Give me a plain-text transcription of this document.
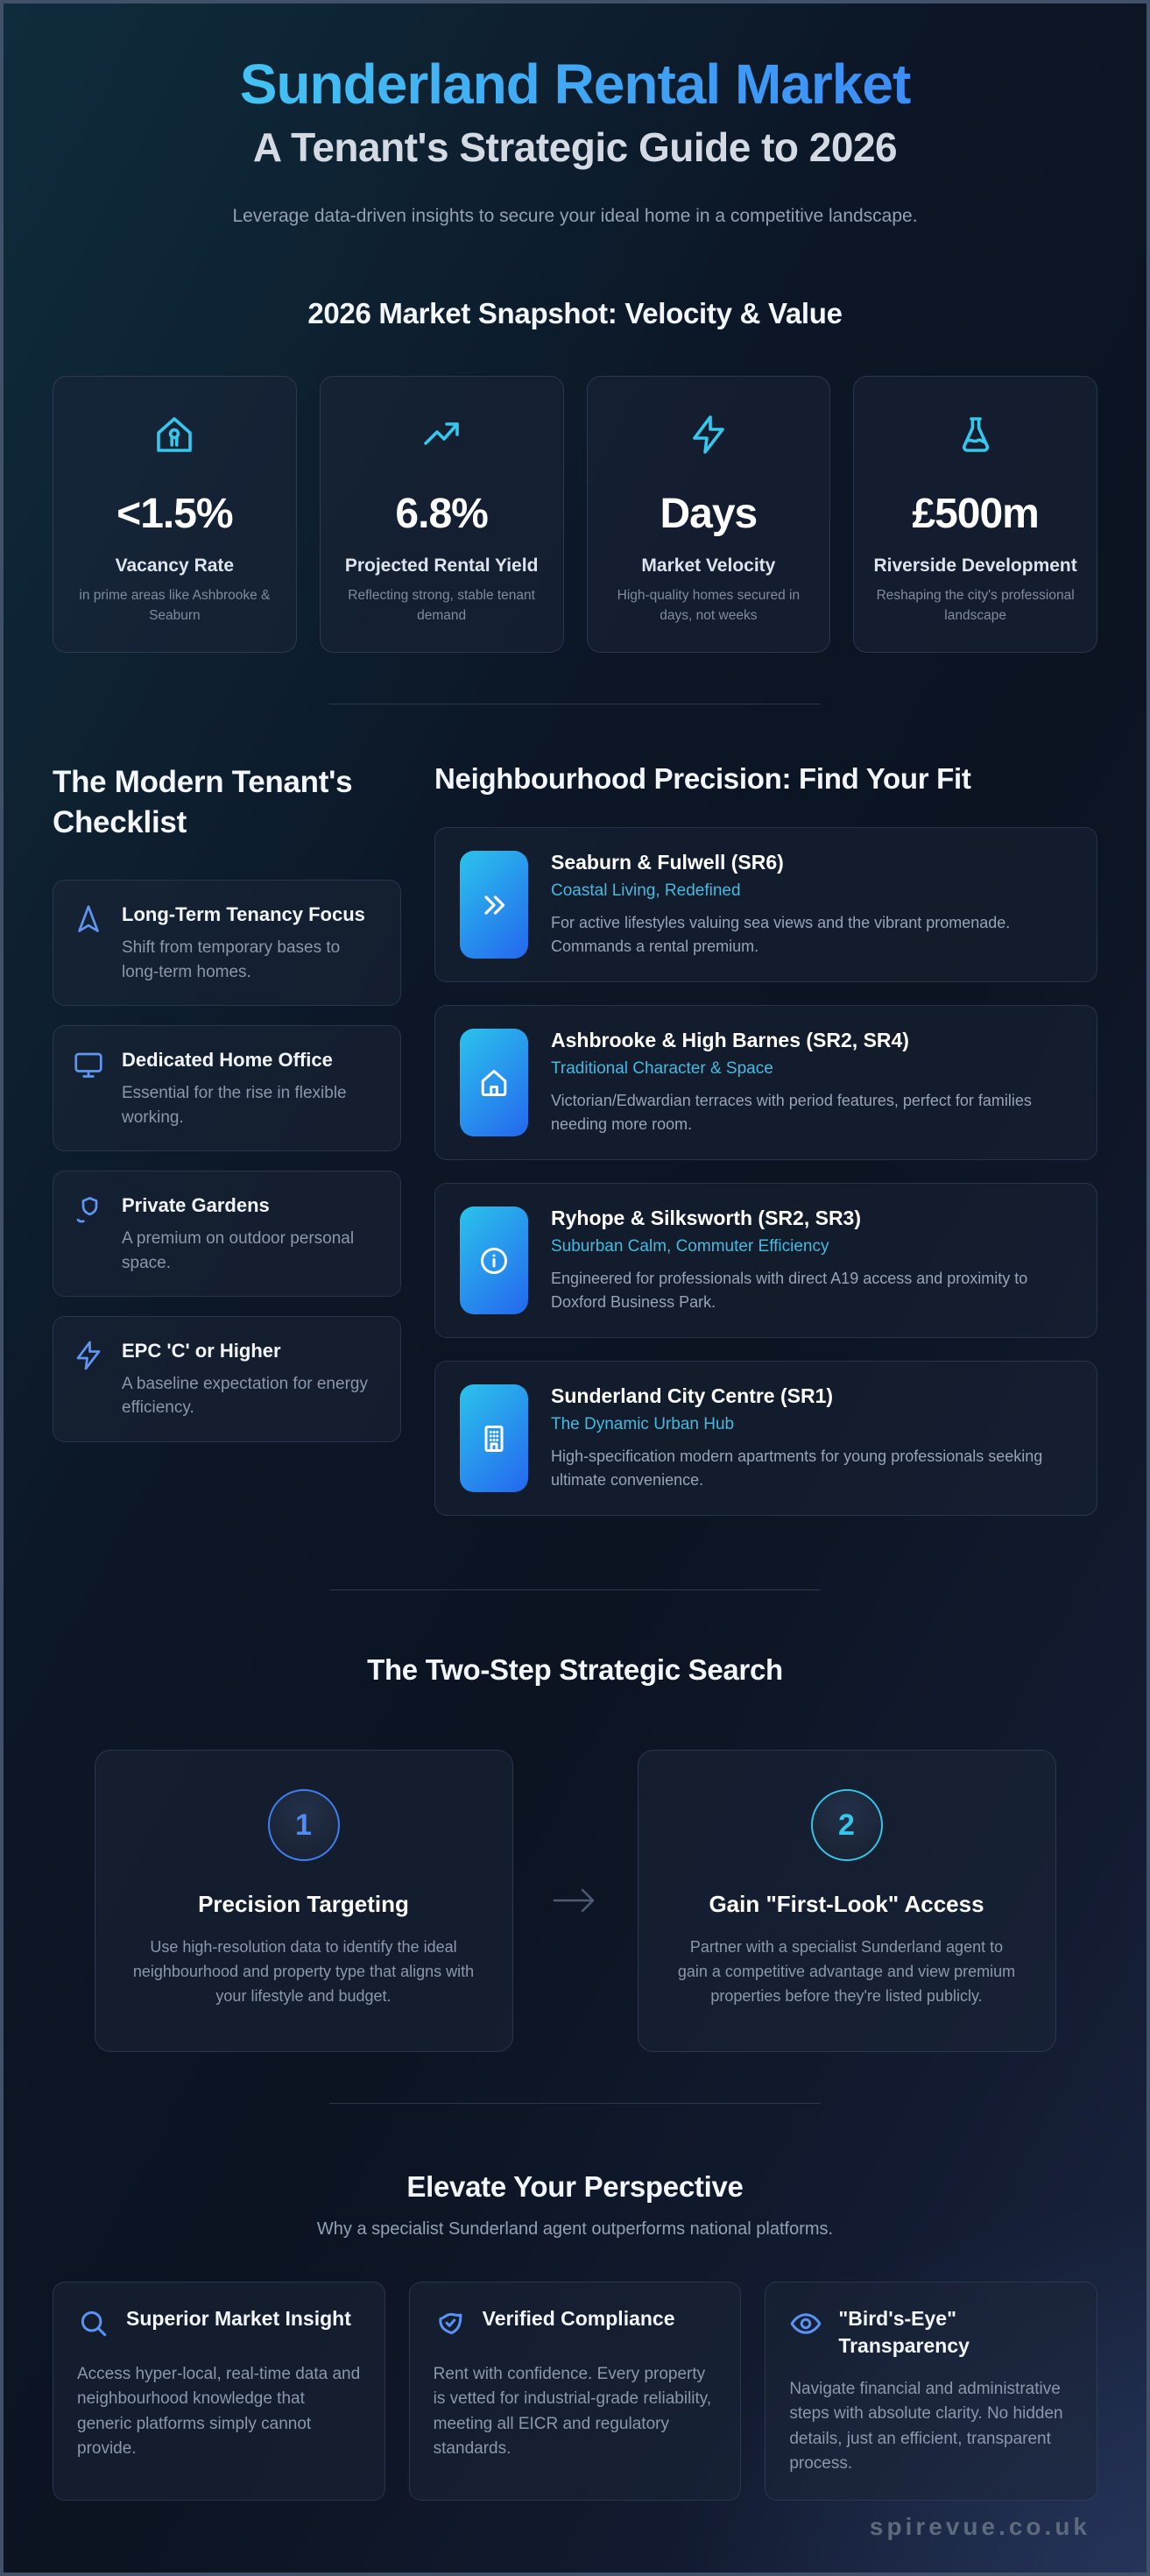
Sunderland Rental Market
A Tenant's Strategic Guide to 2026
Leverage data-driven insights to secure your ideal home in a competitive landscape.
2026 Market Snapshot: Velocity & Value
<1.5%
Vacancy Rate
in prime areas like Ashbrooke & Seaburn
6.8%
Projected Rental Yield
Reflecting strong, stable tenant demand
Days
Market Velocity
High-quality homes secured in days, not weeks
£500m
Riverside Development
Reshaping the city's professional landscape
The Modern Tenant's Checklist
Long-Term Tenancy Focus
Shift from temporary bases to long-term homes.
Dedicated Home Office
Essential for the rise in flexible working.
Private Gardens
A premium on outdoor personal space.
EPC 'C' or Higher
A baseline expectation for energy efficiency.
Neighbourhood Precision: Find Your Fit
Seaburn & Fulwell (SR6)
Coastal Living, Redefined
For active lifestyles valuing sea views and the vibrant promenade. Commands a rental premium.
Ashbrooke & High Barnes (SR2, SR4)
Traditional Character & Space
Victorian/Edwardian terraces with period features, perfect for families needing more room.
Ryhope & Silksworth (SR2, SR3)
Suburban Calm, Commuter Efficiency
Engineered for professionals with direct A19 access and proximity to Doxford Business Park.
Sunderland City Centre (SR1)
The Dynamic Urban Hub
High-specification modern apartments for young professionals seeking ultimate convenience.
The Two-Step Strategic Search
1
Precision Targeting
Use high-resolution data to identify the ideal neighbourhood and property type that aligns with your lifestyle and budget.
2
Gain "First-Look" Access
Partner with a specialist Sunderland agent to gain a competitive advantage and view premium properties before they're listed publicly.
Elevate Your Perspective
Why a specialist Sunderland agent outperforms national platforms.
Superior Market Insight
Access hyper-local, real-time data and neighbourhood knowledge that generic platforms simply cannot provide.
Verified Compliance
Rent with confidence. Every property is vetted for industrial-grade reliability, meeting all EICR and regulatory standards.
"Bird's-Eye" Transparency
Navigate financial and administrative steps with absolute clarity. No hidden details, just an efficient, transparent process.
spirevue.co.uk
